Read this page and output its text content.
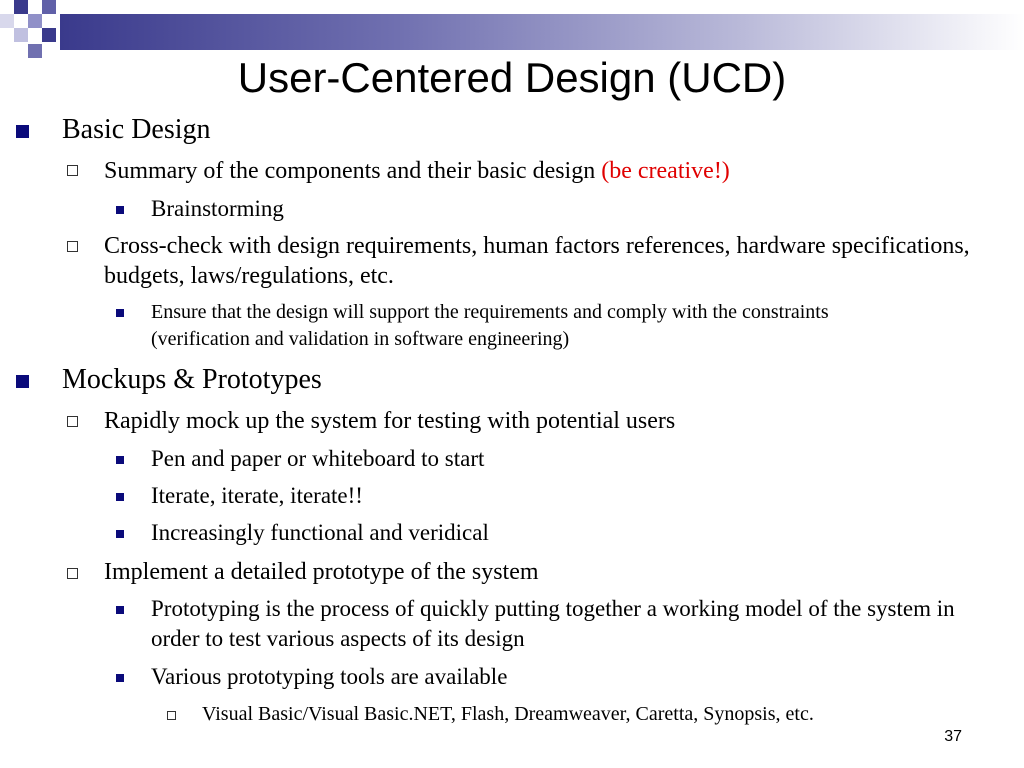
User-Centered Design (UCD)
Basic Design
Summary of the components and their basic design (be creative!)
Brainstorming
Cross-check with design requirements, human factors references, hardware specifications, budgets, laws/regulations, etc.
Ensure that the design will support the requirements and comply with the constraints (verification and validation in software engineering)
Mockups & Prototypes
Rapidly mock up the system for testing with potential users
Pen and paper or whiteboard to start
Iterate, iterate, iterate!!
Increasingly functional and veridical
Implement a detailed prototype of the system
Prototyping is the process of quickly putting together a working model of the system in order to test various aspects of its design
Various prototyping tools are available
Visual Basic/Visual Basic.NET, Flash, Dreamweaver, Caretta, Synopsis, etc.
37
